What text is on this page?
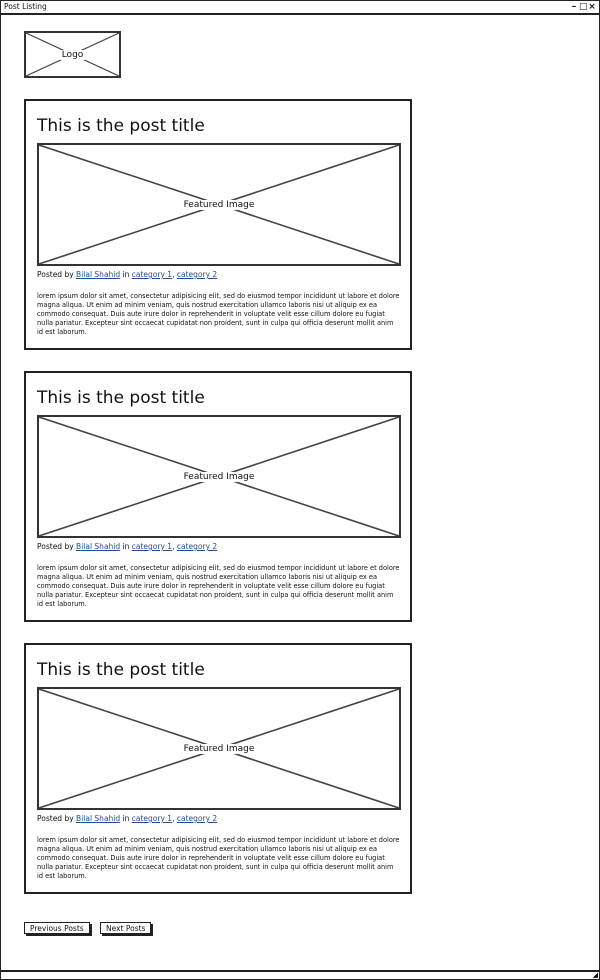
Post Listing	– □ ×
Logo
This is the post title
Featured Image
Posted by Bilal Shahid in category 1, category 2

lorem ipsum dolor sit amet, consectetur adipisicing elit, sed do eiusmod tempor incididunt ut labore et dolore magna aliqua. Ut enim ad minim veniam, quis nostrud exercitation ullamco laboris nisi ut aliquip ex ea commodo consequat. Duis aute irure dolor in reprehenderit in voluptate velit esse cillum dolore eu fugiat nulla pariatur. Excepteur sint occaecat cupidatat non proident, sunt in culpa qui officia deserunt mollit anim id est laborum.

This is the post title
Featured Image
Posted by Bilal Shahid in category 1, category 2

lorem ipsum dolor sit amet, consectetur adipisicing elit, sed do eiusmod tempor incididunt ut labore et dolore magna aliqua. Ut enim ad minim veniam, quis nostrud exercitation ullamco laboris nisi ut aliquip ex ea commodo consequat. Duis aute irure dolor in reprehenderit in voluptate velit esse cillum dolore eu fugiat nulla pariatur. Excepteur sint occaecat cupidatat non proident, sunt in culpa qui officia deserunt mollit anim id est laborum.

This is the post title
Featured Image
Posted by Bilal Shahid in category 1, category 2

lorem ipsum dolor sit amet, consectetur adipisicing elit, sed do eiusmod tempor incididunt ut labore et dolore magna aliqua. Ut enim ad minim veniam, quis nostrud exercitation ullamco laboris nisi ut aliquip ex ea commodo consequat. Duis aute irure dolor in reprehenderit in voluptate velit esse cillum dolore eu fugiat nulla pariatur. Excepteur sint occaecat cupidatat non proident, sunt in culpa qui officia deserunt mollit anim id est laborum.

Previous Posts	Next Posts
◢
